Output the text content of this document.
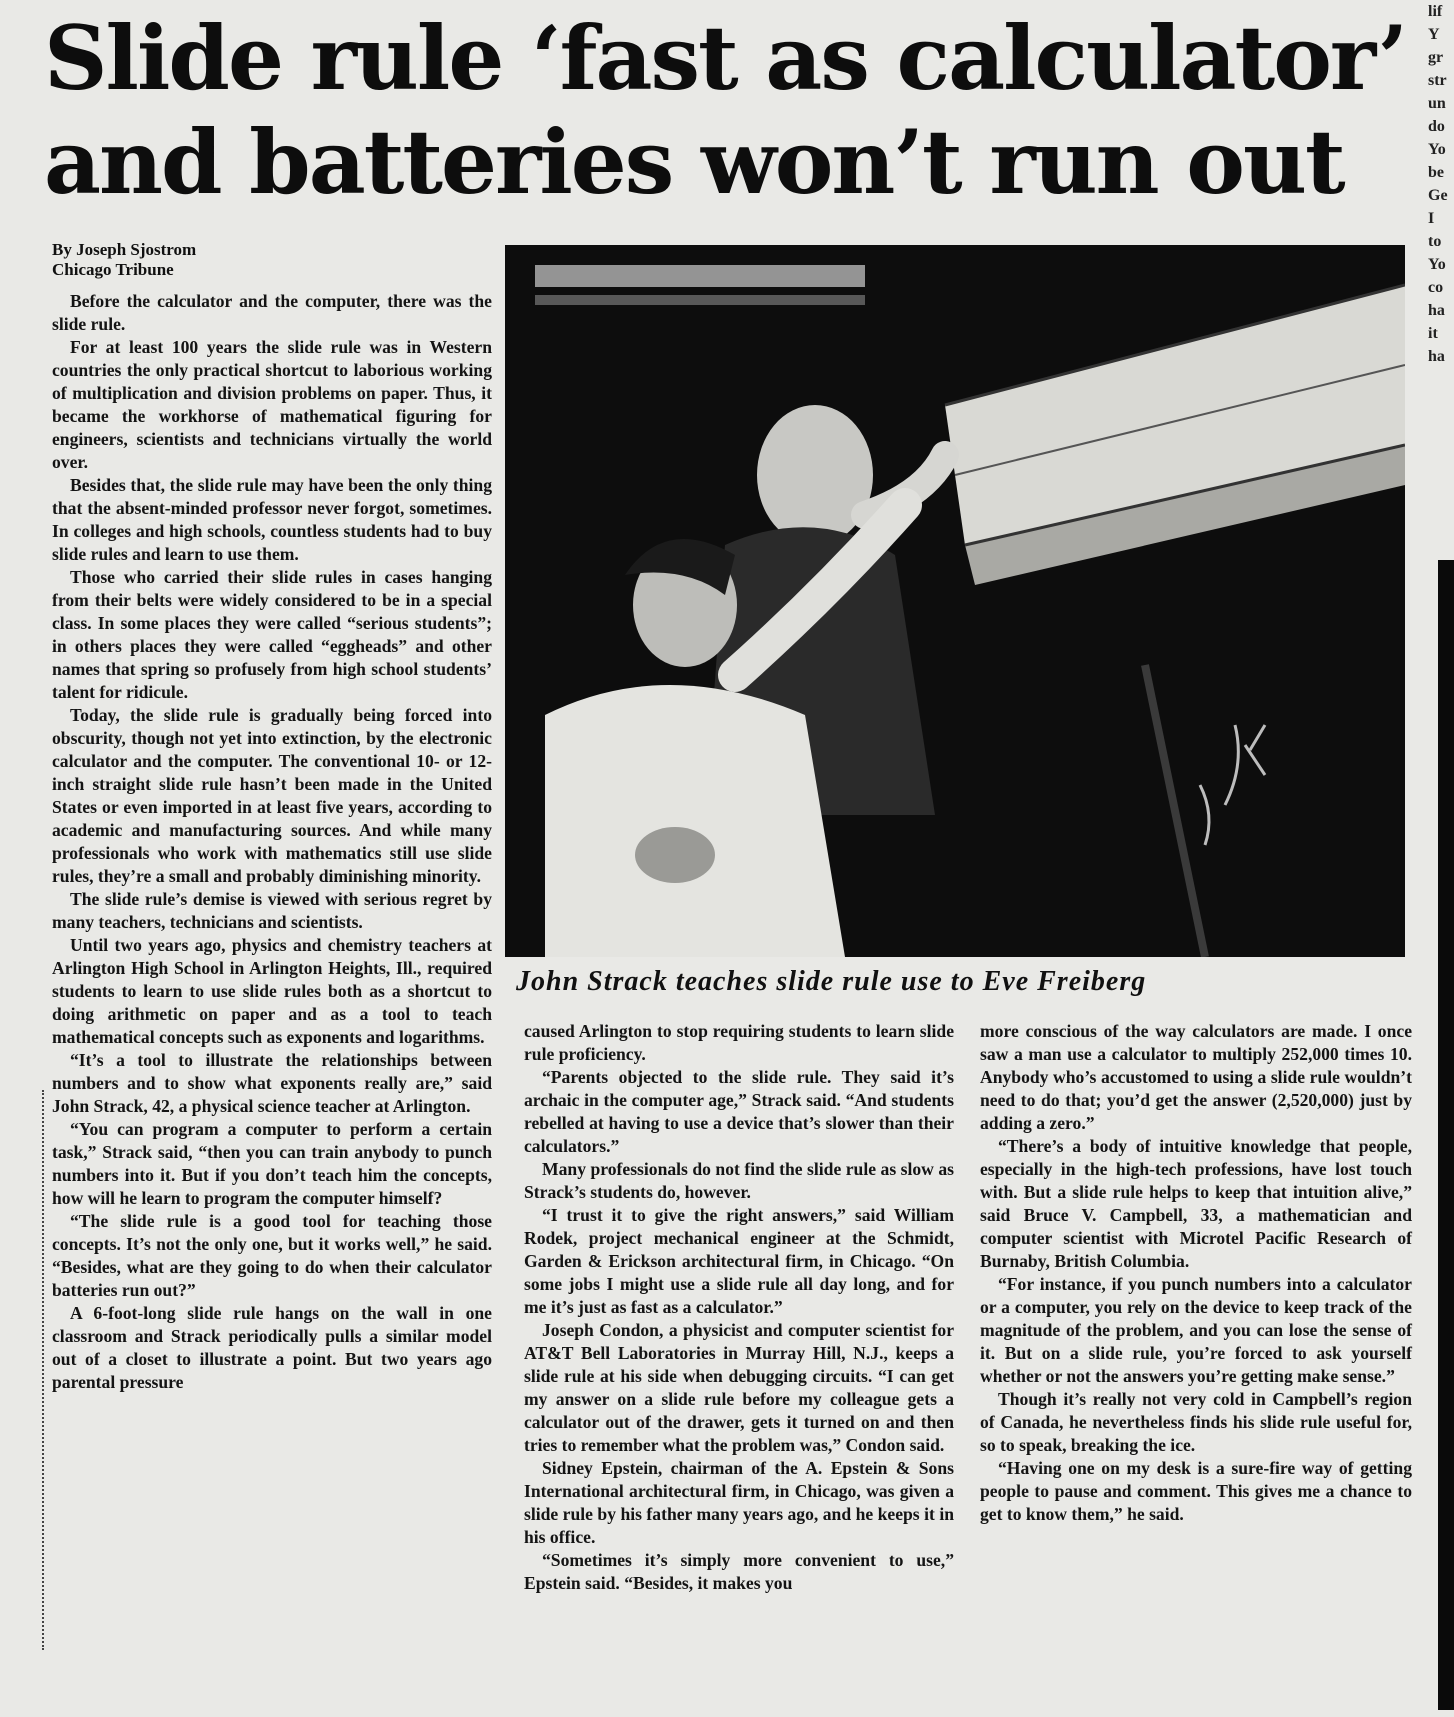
Slide rule ‘fast as calculator’
and batteries won’t run out
By Joseph Sjostrom
Chicago Tribune

Before the calculator and the computer, there was the slide rule.

For at least 100 years the slide rule was in Western countries the only practical shortcut to laborious working of multiplication and division problems on paper. Thus, it became the workhorse of mathematical figuring for engineers, scientists and technicians virtually the world over.

Besides that, the slide rule may have been the only thing that the absent-minded professor never forgot, sometimes. In colleges and high schools, countless students had to buy slide rules and learn to use them.

Those who carried their slide rules in cases hanging from their belts were widely considered to be in a special class. In some places they were called “serious students”; in others places they were called “eggheads” and other names that spring so profusely from high school students’ talent for ridicule.

Today, the slide rule is gradually being forced into obscurity, though not yet into extinction, by the electronic calculator and the computer. The conventional 10- or 12-inch straight slide rule hasn’t been made in the United States or even imported in at least five years, according to academic and manufacturing sources. And while many professionals who work with mathematics still use slide rules, they’re a small and probably diminishing minority.

The slide rule’s demise is viewed with serious regret by many teachers, technicians and scientists.

Until two years ago, physics and chemistry teachers at Arlington High School in Arlington Heights, Ill., required students to learn to use slide rules both as a shortcut to doing arithmetic on paper and as a tool to teach mathematical concepts such as exponents and logarithms.

“It’s a tool to illustrate the relationships between numbers and to show what exponents really are,” said John Strack, 42, a physical science teacher at Arlington.

“You can program a computer to perform a certain task,” Strack said, “then you can train anybody to punch numbers into it. But if you don’t teach him the concepts, how will he learn to program the computer himself?

“The slide rule is a good tool for teaching those concepts. It’s not the only one, but it works well,” he said. “Besides, what are they going to do when their calculator batteries run out?”

A 6-foot-long slide rule hangs on the wall in one classroom and Strack periodically pulls a similar model out of a closet to illustrate a point. But two years ago parental pressure

John Strack teaches slide rule use to Eve Freiberg

caused Arlington to stop requiring students to learn slide rule proficiency.

“Parents objected to the slide rule. They said it’s archaic in the computer age,” Strack said. “And students rebelled at having to use a device that’s slower than their calculators.”

Many professionals do not find the slide rule as slow as Strack’s students do, however.

“I trust it to give the right answers,” said William Rodek, project mechanical engineer at the Schmidt, Garden & Erickson architectural firm, in Chicago. “On some jobs I might use a slide rule all day long, and for me it’s just as fast as a calculator.”

Joseph Condon, a physicist and computer scientist for AT&T Bell Laboratories in Murray Hill, N.J., keeps a slide rule at his side when debugging circuits. “I can get my answer on a slide rule before my colleague gets a calculator out of the drawer, gets it turned on and then tries to remember what the problem was,” Condon said.

Sidney Epstein, chairman of the A. Epstein & Sons International architectural firm, in Chicago, was given a slide rule by his father many years ago, and he keeps it in his office.

“Sometimes it’s simply more convenient to use,” Epstein said. “Besides, it makes you

more conscious of the way calculators are made. I once saw a man use a calculator to multiply 252,000 times 10. Anybody who’s accustomed to using a slide rule wouldn’t need to do that; you’d get the answer (2,520,000) just by adding a zero.”

“There’s a body of intuitive knowledge that people, especially in the high-tech professions, have lost touch with. But a slide rule helps to keep that intuition alive,” said Bruce V. Campbell, 33, a mathematician and computer scientist with Microtel Pacific Research of Burnaby, British Columbia.

“For instance, if you punch numbers into a calculator or a computer, you rely on the device to keep track of the magnitude of the problem, and you can lose the sense of it. But on a slide rule, you’re forced to ask yourself whether or not the answers you’re getting make sense.”

Though it’s really not very cold in Campbell’s region of Canada, he nevertheless finds his slide rule useful for, so to speak, breaking the ice.

“Having one on my desk is a sure-fire way of getting people to pause and comment. This gives me a chance to get to know them,” he said.

lif
Y
gr
str
un
do
Yo
be
Ge
I
to
Yo
co
ha
it
ha
